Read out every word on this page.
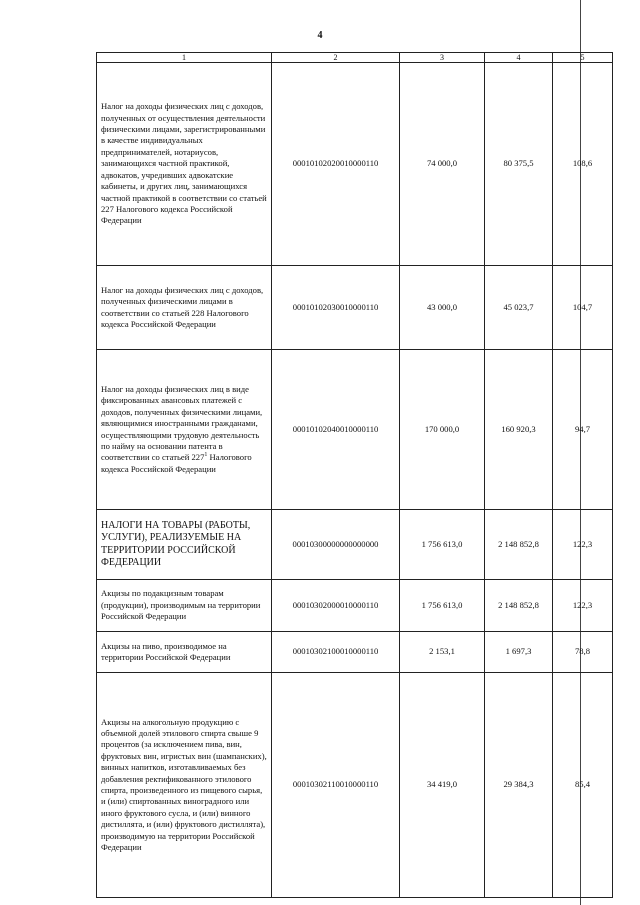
4
1	2	3	4	5
Налог на доходы физических лиц с доходов, полученных от осуществления деятельности физическими лицами, зарегистрированными в качестве индивидуальных предпринимателей, нотариусов, занимающихся частной практикой, адвокатов, учредивших адвокатские кабинеты, и других лиц, занимающихся частной практикой в соответствии со статьей 227 Налогового кодекса Российской Федерации	00010102020010000110	74 000,0	80 375,5	108,6
Налог на доходы физических лиц с доходов, полученных физическими лицами в соответствии со статьей 228 Налогового кодекса Российской Федерации	00010102030010000110	43 000,0	45 023,7	104,7
Налог на доходы физических лиц в виде фиксированных авансовых платежей с доходов, полученных физическими лицами, являющимися иностранными гражданами, осуществляющими трудовую деятельность по найму на основании патента в соответствии со статьей $227^1$ Налогового кодекса Российской Федерации	00010102040010000110	170 000,0	160 920,3	94,7
НАЛОГИ НА ТОВАРЫ (РАБОТЫ, УСЛУГИ), РЕАЛИЗУЕМЫЕ НА ТЕРРИТОРИИ РОССИЙСКОЙ ФЕДЕРАЦИИ	00010300000000000000	1 756 613,0	2 148 852,8	122,3
Акцизы по подакцизным товарам (продукции), производимым на территории Российской Федерации	00010302000010000110	1 756 613,0	2 148 852,8	122,3
Акцизы на пиво, производимое на территории Российской Федерации	00010302100010000110	2 153,1	1 697,3	78,8
Акцизы на алкогольную продукцию с объемной долей этилового спирта свыше 9 процентов (за исключением пива, вин, фруктовых вин, игристых вин (шампанских), винных напитков, изготавливаемых без добавления ректификованного этилового спирта, произведенного из пищевого сырья, и (или) спиртованных виноградного или иного фруктового сусла, и (или) винного дистиллята, и (или) фруктового дистиллята), производимую на территории Российской Федерации	00010302110010000110	34 419,0	29 384,3	85,4
